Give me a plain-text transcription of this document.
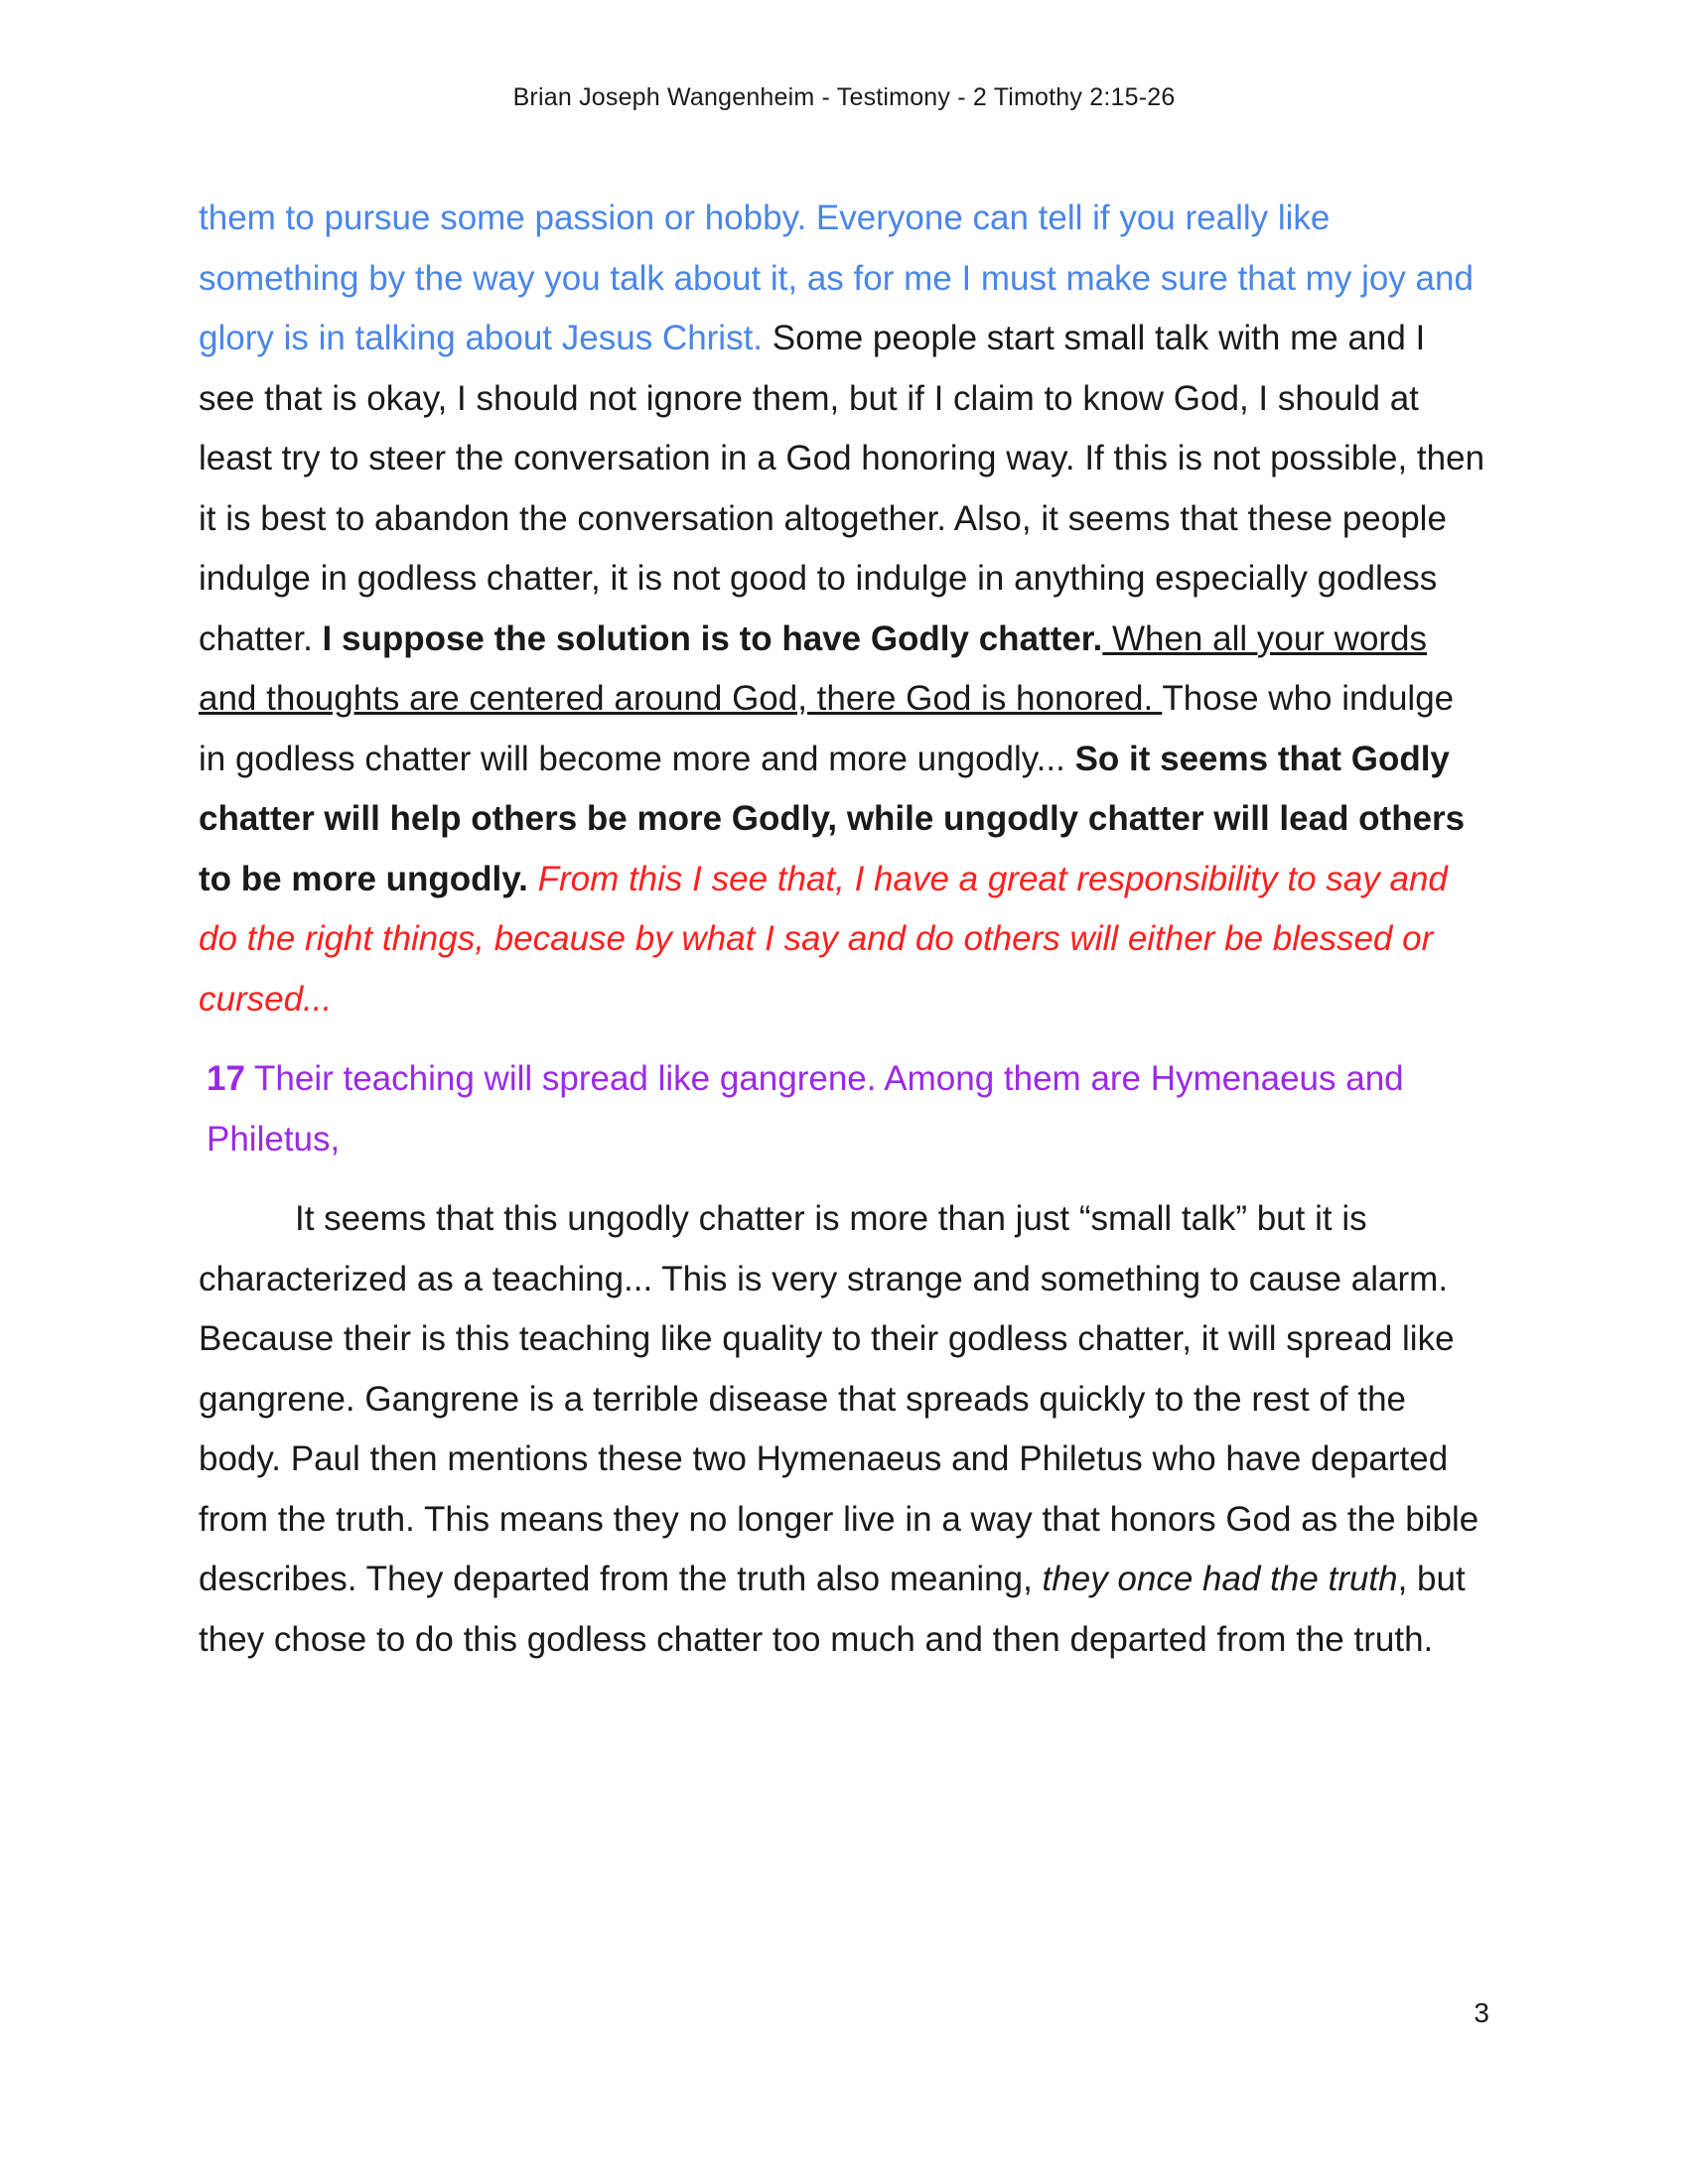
Brian Joseph Wangenheim - Testimony - 2 Timothy 2:15-26

them to pursue some passion or hobby. Everyone can tell if you really like something by the way you talk about it, as for me I must make sure that my joy and glory is in talking about Jesus Christ. Some people start small talk with me and I see that is okay, I should not ignore them, but if I claim to know God, I should at least try to steer the conversation in a God honoring way. If this is not possible, then it is best to abandon the conversation altogether. Also, it seems that these people indulge in godless chatter, it is not good to indulge in anything especially godless chatter. I suppose the solution is to have Godly chatter. When all your words and thoughts are centered around God, there God is honored. Those who indulge in godless chatter will become more and more ungodly... So it seems that Godly chatter will help others be more Godly, while ungodly chatter will lead others to be more ungodly. From this I see that, I have a great responsibility to say and do the right things, because by what I say and do others will either be blessed or cursed...

17 Their teaching will spread like gangrene. Among them are Hymenaeus and Philetus,

It seems that this ungodly chatter is more than just “small talk” but it is characterized as a teaching... This is very strange and something to cause alarm. Because their is this teaching like quality to their godless chatter, it will spread like gangrene. Gangrene is a terrible disease that spreads quickly to the rest of the body. Paul then mentions these two Hymenaeus and Philetus who have departed from the truth. This means they no longer live in a way that honors God as the bible describes. They departed from the truth also meaning, they once had the truth, but they chose to do this godless chatter too much and then departed from the truth.

3
